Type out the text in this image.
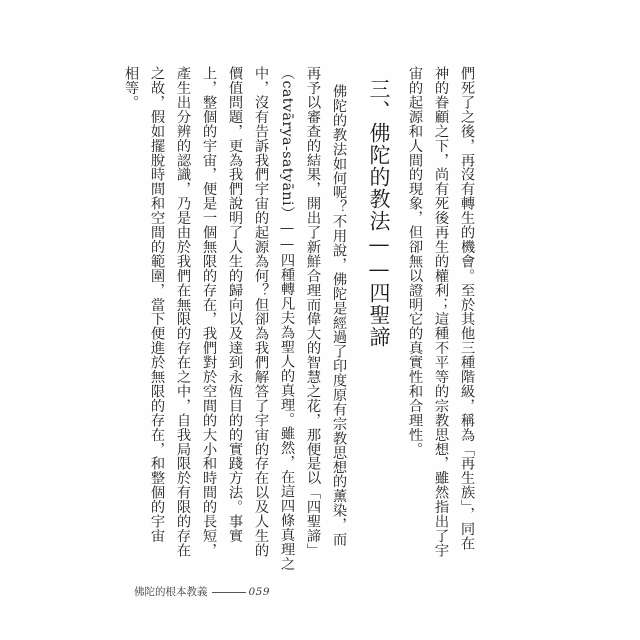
們死了之後，再沒有轉生的機會。至於其他三種階級，稱為「再生族」，同在
神的眷顧之下，尚有死後再生的權利；這種不平等的宗教思想，雖然指出了宇
宙的起源和人間的現象，但卻無以證明它的真實性和合理性。
三、佛陀的教法——四聖諦
佛陀的教法如何呢？不用說，佛陀是經過了印度原有宗教思想的薰染，而
再予以審查的結果，開出了新鮮合理而偉大的智慧之花，那便是以「四聖諦」
（catvārya-satyāni）——四種轉凡夫為聖人的真理。雖然，在這四條真理之
中，沒有告訴我們宇宙的起源為何？但卻為我們解答了宇宙的存在以及人生的
價值問題，更為我們說明了人生的歸向以及達到永恆目的的實踐方法。事實
上，整個的宇宙，便是一個無限的存在，我們對於空間的大小和時間的長短，
產生出分辨的認識，乃是由於我們在無限的存在之中，自我局限於有限的存在
之故，假如擺脫時間和空間的範圍，當下便進於無限的存在，和整個的宇宙
相等。
佛陀的根本教義	059
